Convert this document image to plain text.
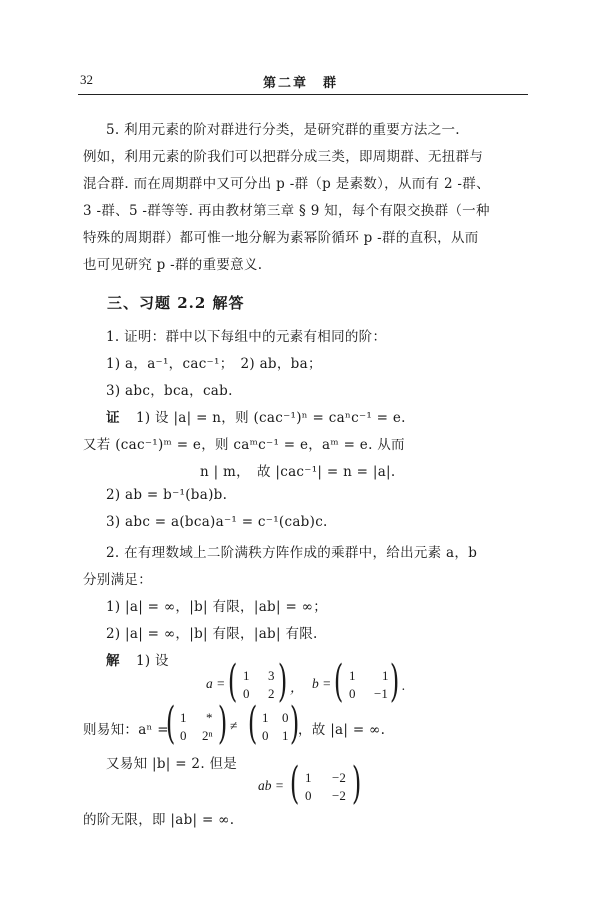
32	第二章　群
5. 利用元素的阶对群进行分类，是研究群的重要方法之一.
例如，利用元素的阶我们可以把群分成三类，即周期群、无扭群与
混合群. 而在周期群中又可分出 p -群（p 是素数），从而有 2 -群、
3 -群、5 -群等等. 再由教材第三章 § 9 知，每个有限交换群（一种
特殊的周期群）都可惟一地分解为素幂阶循环 p -群的直积，从而
也可见研究 p -群的重要意义.
三、习题 2.2 解答
1. 证明：群中以下每组中的元素有相同的阶：
1) a，a⁻¹，cac⁻¹；　2) ab，ba；
3) abc，bca，cab.
证 1) 设 |a| = n，则 (cac⁻¹)ⁿ = caⁿc⁻¹ = e.
又若 (cac⁻¹)ᵐ = e，则 caᵐc⁻¹ = e，aᵐ = e. 从而
n | m，　故 |cac⁻¹| = n = |a|.
2) ab = b⁻¹(ba)b.
3) abc = a(bca)a⁻¹ = c⁻¹(cab)c.
2. 在有理数域上二阶满秩方阵作成的乘群中，给出元素 a，b
分别满足：
1) |a| = ∞，|b| 有限，|ab| = ∞；
2) |a| = ∞，|b| 有限，|ab| 有限.
解 1) 设
a = ( 1 3
0 2 ) ， b = ( 1 1
0 −1 ) .
则易知：aⁿ =
( 1 *
0 2ⁿ ) ≠ ( 1 0
0 1 )
，故 |a| = ∞.
又易知 |b| = 2. 但是
ab = ( 1 −2
0 −2 )
的阶无限，即 |ab| = ∞.
